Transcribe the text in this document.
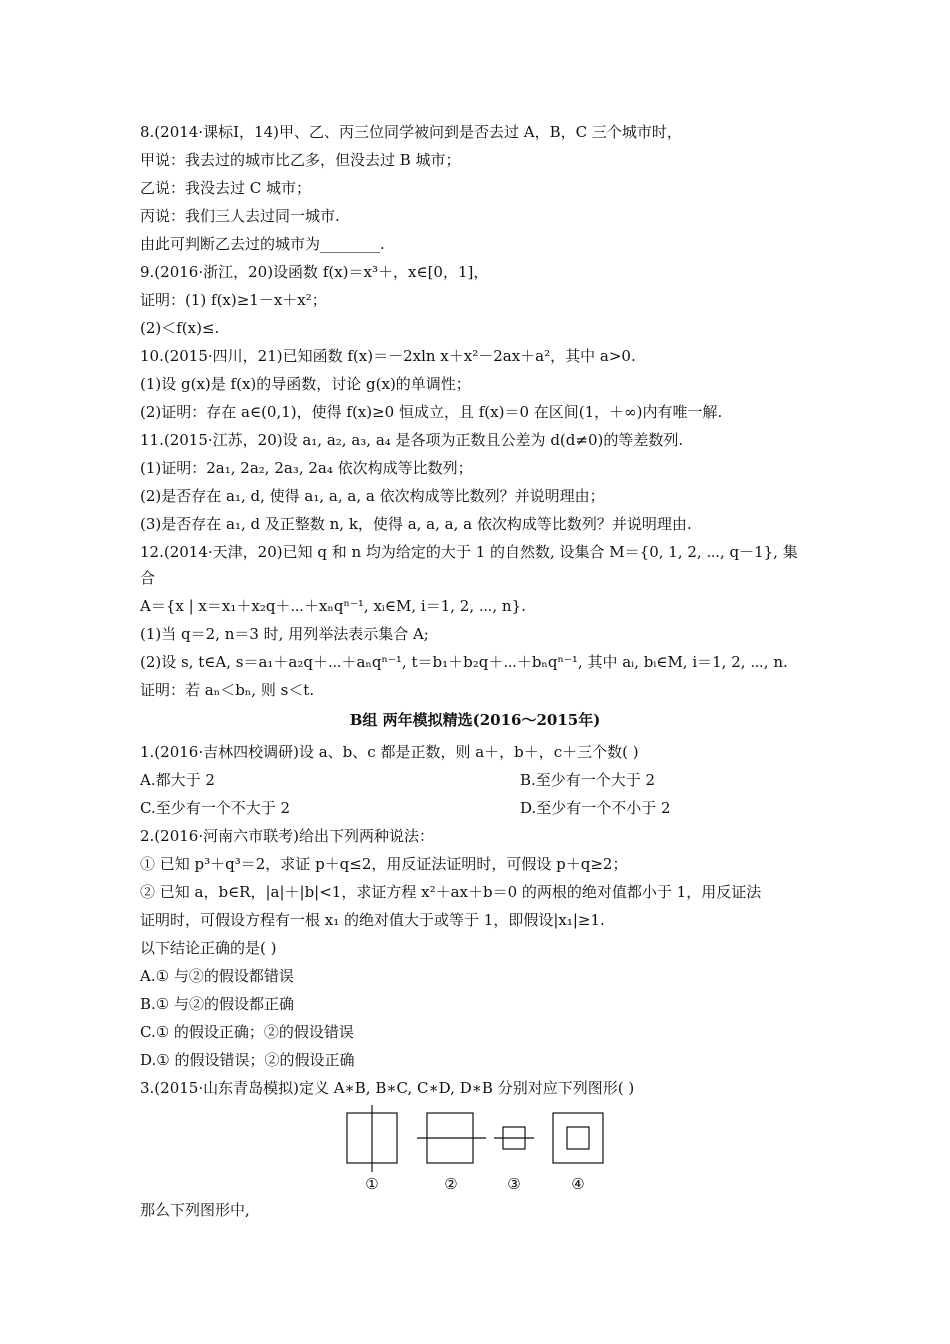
8.(2014·课标Ⅰ，14)甲、乙、丙三位同学被问到是否去过 A，B，C 三个城市时，
甲说：我去过的城市比乙多，但没去过 B 城市；
乙说：我没去过 C 城市；
丙说：我们三人去过同一城市.
由此可判断乙去过的城市为________.
9.(2016·浙江，20)设函数 f(x)＝x³＋，x∈[0，1]，
证明：(1) f(x)≥1－x＋x²；
(2)＜f(x)≤.
10.(2015·四川，21)已知函数 f(x)＝－2xln x＋x²－2ax＋a²，其中 a>0.
(1)设 g(x)是 f(x)的导函数，讨论 g(x)的单调性；
(2)证明：存在 a∈(0,1)，使得 f(x)≥0 恒成立，且 f(x)＝0 在区间(1，＋∞)内有唯一解.
11.(2015·江苏，20)设 a₁, a₂, a₃, a₄ 是各项为正数且公差为 d(d≠0)的等差数列.
(1)证明：2a₁, 2a₂, 2a₃, 2a₄ 依次构成等比数列；
(2)是否存在 a₁, d, 使得 a₁, a, a, a 依次构成等比数列？并说明理由；
(3)是否存在 a₁, d 及正整数 n, k，使得 a, a, a, a 依次构成等比数列？并说明理由.
12.(2014·天津，20)已知 q 和 n 均为给定的大于 1 的自然数, 设集合 M＝{0, 1, 2, ⋯, q－1}, 集
合
A＝{x | x＝x₁＋x₂q＋⋯＋xₙqⁿ⁻¹, xᵢ∈M, i＝1, 2, ⋯, n}.
(1)当 q＝2, n＝3 时, 用列举法表示集合 A;
(2)设 s, t∈A, s＝a₁＋a₂q＋⋯＋aₙqⁿ⁻¹, t＝b₁＋b₂q＋⋯＋bₙqⁿ⁻¹, 其中 aᵢ, bᵢ∈M, i＝1, 2, ⋯, n.
证明：若 aₙ＜bₙ, 则 s＜t.
B组 两年模拟精选(2016～2015年)
1.(2016·吉林四校调研)设 a、b、c 都是正数，则 a＋，b＋，c＋三个数( )
A.都大于 2	B.至少有一个大于 2
C.至少有一个不大于 2	D.至少有一个不小于 2
2.(2016·河南六市联考)给出下列两种说法：
① 已知 p³＋q³＝2，求证 p＋q≤2，用反证法证明时，可假设 p＋q≥2；
② 已知 a，b∈R，|a|＋|b|<1，求证方程 x²＋ax＋b＝0 的两根的绝对值都小于 1，用反证法
证明时，可假设方程有一根 x₁ 的绝对值大于或等于 1，即假设|x₁|≥1.
以下结论正确的是( )
A.① 与②的假设都错误
B.① 与②的假设都正确
C.① 的假设正确；②的假设错误
D.① 的假设错误；②的假设正确
3.(2015·山东青岛模拟)定义 A∗B, B∗C, C∗D, D∗B 分别对应下列图形( )
①	②	③	④
那么下列图形中,
